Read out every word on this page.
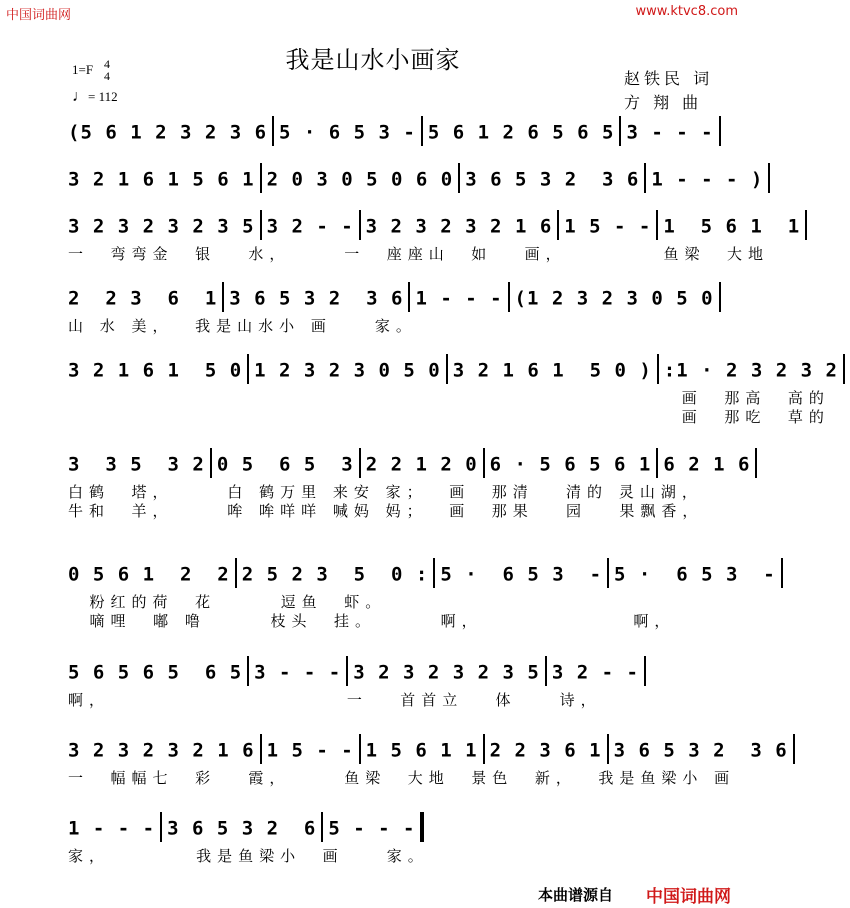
中国词曲网	www.ktvc8.com
我是山水小画家
1=F 4
4
♩= 112
赵铁民 词
方 翔 曲
(5 6 1 2 3 2 3 6 5 · 6 5 3 - 5 6 1 2 6 5 6 5 3 - - -
3 2 1 6 1 5 6 1 2 0 3 0 5 0 6 0 3 6 5 3 2  3 6 1 - - - )
3 2 3 2 3 2 3 5 3 2 - - 3 2 3 2 3 2 1 6 1 5 - - 1  5 6 1  1
一  弯弯金  银   水，     一  座座山  如   画，         鱼梁  大地
2  2 3  6  1 3 6 5 3 2  3 6 1 - - - (1 2 3 2 3 0 5 0
山 水 美，  我是山水小 画    家。
3 2 1 6 1  5 0 1 2 3 2 3 0 5 0 3 2 1 6 1  5 0 ) :1 · 2 3 2 3 2
画  那高  高的
画  那吃  草的
3  3 5  3 2 0 5  6 5  3 2 2 1 2 0 6 · 5 6 5 6 1 6 2 1 6
白鹤  塔，     白 鹤万里 来安 家；  画  那清   清的 灵山湖，
牛和  羊，     哞 哞咩咩 喊妈 妈；  画  那果   园   果飘香，
0 5 6 1  2  2 2 5 2 3  5  0 : 5 ·  6 5 3  - 5 ·  6 5 3  -
粉红的荷  花      逗鱼  虾。
嘀哩  嘟 噜      枝头  挂。      啊，              啊，
5 6 5 6 5  6 5 3 - - - 3 2 3 2 3 2 3 5 3 2 - -
啊，                      一   首首立   体    诗，
3 2 3 2 3 2 1 6 1 5 - - 1 5 6 1 1 2 2 3 6 1 3 6 5 3 2  3 6
一  幅幅七  彩   霞，     鱼梁  大地  景色  新，  我是鱼梁小 画
1 - - - 3 6 5 3 2  6 5 - - -
家，        我是鱼梁小  画    家。
本曲谱源自 中国词曲网
